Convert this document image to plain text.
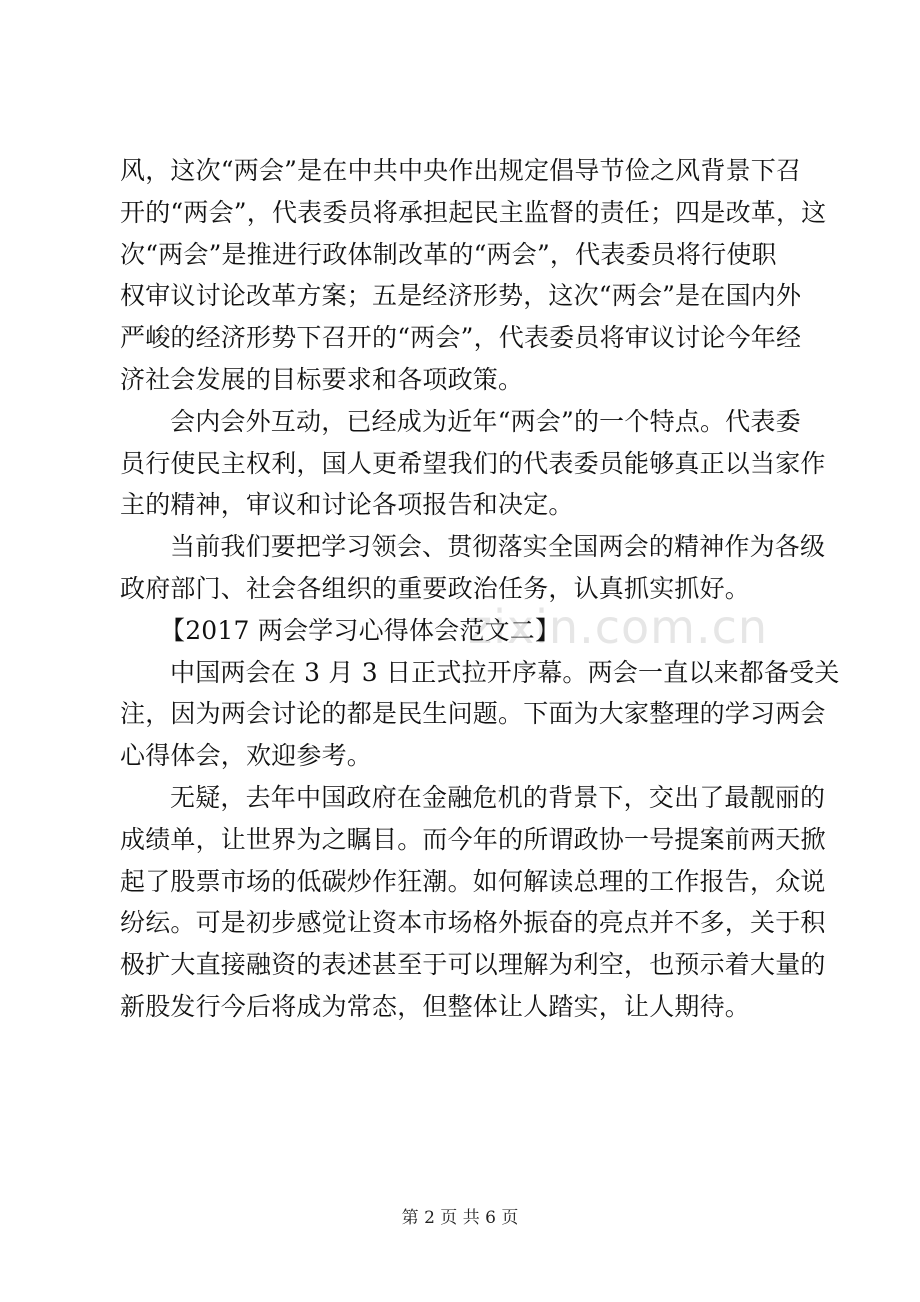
zixin.com.cn
风，这次“两会”是在中共中央作出规定倡导节俭之风背景下召
开的“两会”，代表委员将承担起民主监督的责任；四是改革，这
次“两会”是推进行政体制改革的“两会”，代表委员将行使职
权审议讨论改革方案；五是经济形势，这次“两会”是在国内外
严峻的经济形势下召开的“两会”，代表委员将审议讨论今年经
济社会发展的目标要求和各项政策。
会内会外互动，已经成为近年“两会”的一个特点。代表委
员行使民主权利，国人更希望我们的代表委员能够真正以当家作
主的精神，审议和讨论各项报告和决定。
当前我们要把学习领会、贯彻落实全国两会的精神作为各级
政府部门、社会各组织的重要政治任务，认真抓实抓好。
【2017 两会学习心得体会范文二】
中国两会在 3 月 3 日正式拉开序幕。两会一直以来都备受关
注，因为两会讨论的都是民生问题。下面为大家整理的学习两会
心得体会，欢迎参考。
无疑，去年中国政府在金融危机的背景下，交出了最靓丽的
成绩单，让世界为之瞩目。而今年的所谓政协一号提案前两天掀
起了股票市场的低碳炒作狂潮。如何解读总理的工作报告，众说
纷纭。可是初步感觉让资本市场格外振奋的亮点并不多，关于积
极扩大直接融资的表述甚至于可以理解为利空，也预示着大量的
新股发行今后将成为常态，但整体让人踏实，让人期待。
第 2 页 共 6 页
